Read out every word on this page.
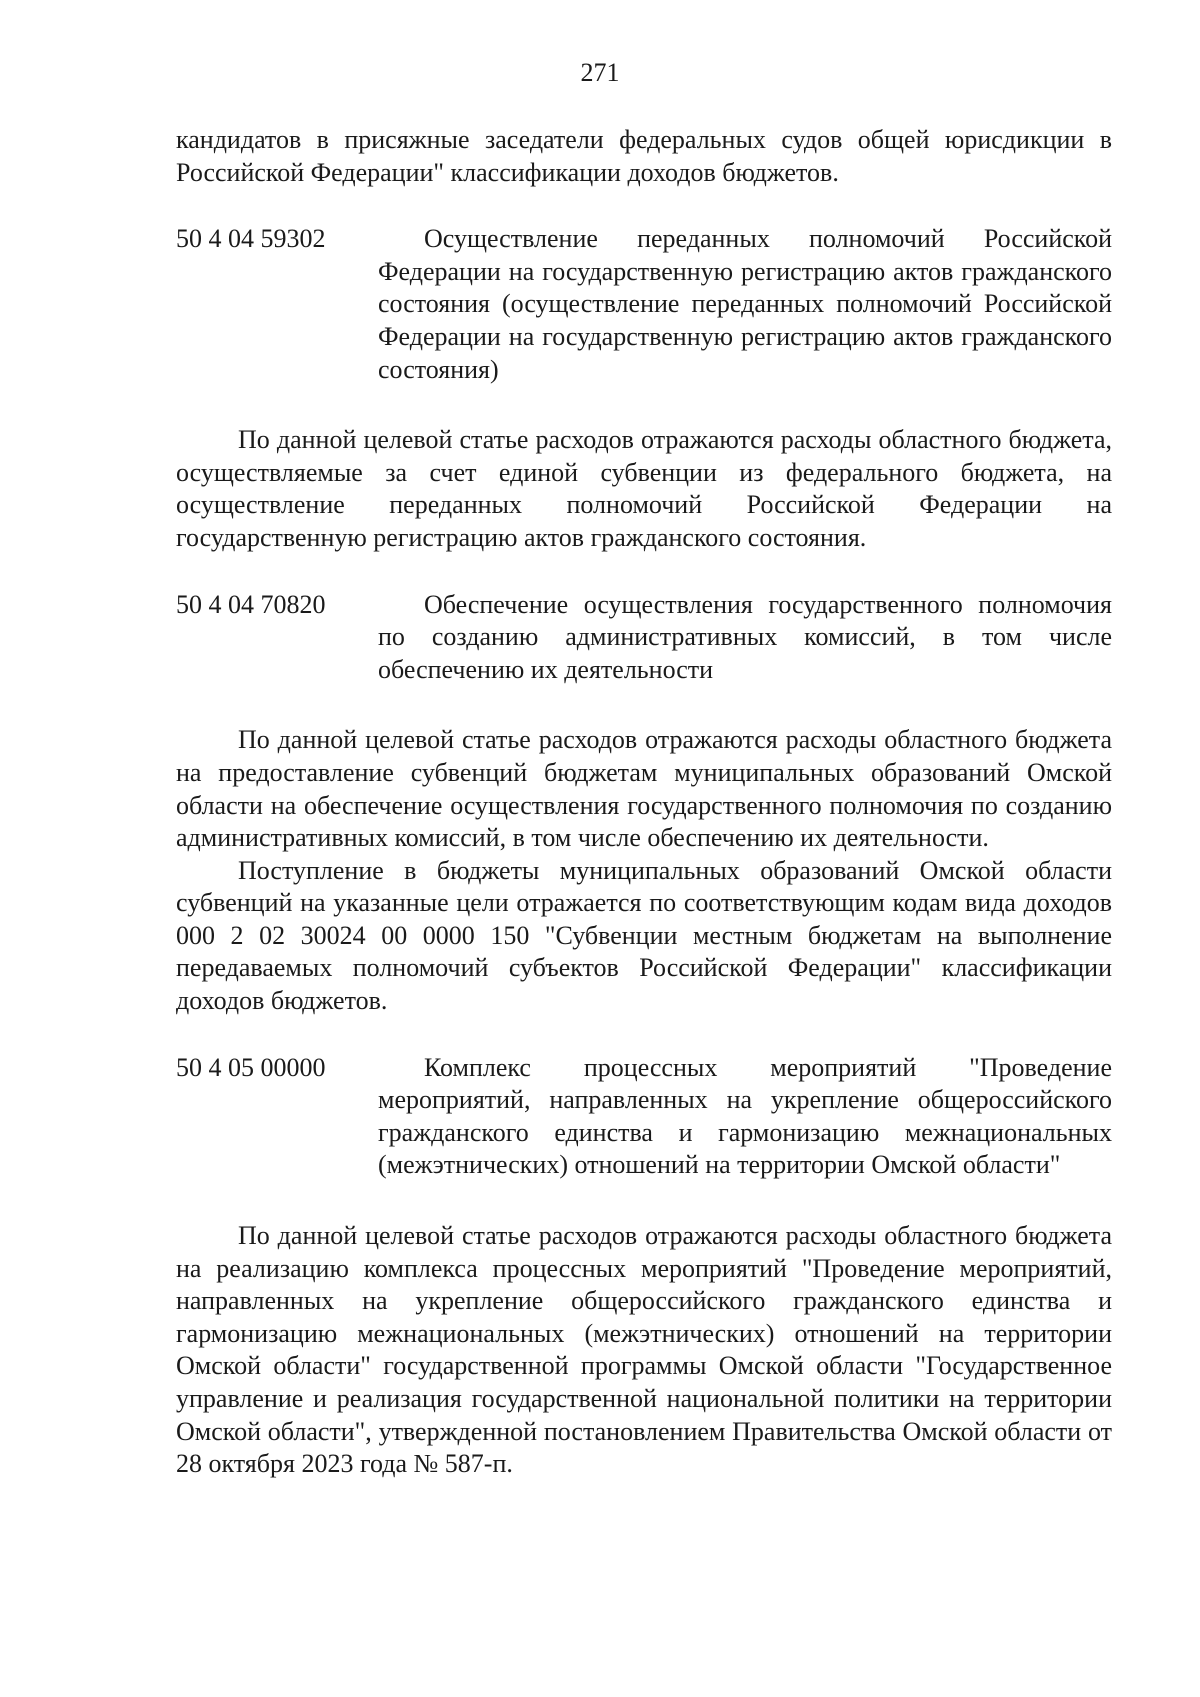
271

кандидатов в присяжные заседатели федеральных судов общей юрисдикции в Российской Федерации" классификации доходов бюджетов.

50 4 04 59302	Осуществление переданных полномочий Российской Федерации на государственную регистрацию актов гражданского состояния (осуществление переданных полномочий Российской Федерации на государственную регистрацию актов гражданского состояния)

По данной целевой статье расходов отражаются расходы областного бюджета, осуществляемые за счет единой субвенции из федерального бюджета, на осуществление переданных полномочий Российской Федерации на государственную регистрацию актов гражданского состояния.

50 4 04 70820	Обеспечение осуществления государственного полномочия по созданию административных комиссий, в том числе обеспечению их деятельности

По данной целевой статье расходов отражаются расходы областного бюджета на предоставление субвенций бюджетам муниципальных образований Омской области на обеспечение осуществления государственного полномочия по созданию административных комиссий, в том числе обеспечению их деятельности.

Поступление в бюджеты муниципальных образований Омской области субвенций на указанные цели отражается по соответствующим кодам вида доходов 000 2 02 30024 00 0000 150 "Субвенции местным бюджетам на выполнение передаваемых полномочий субъектов Российской Федерации" классификации доходов бюджетов.

50 4 05 00000	Комплекс процессных мероприятий "Проведение мероприятий, направленных на укрепление общероссийского гражданского единства и гармонизацию межнациональных (межэтнических) отношений на территории Омской области"

По данной целевой статье расходов отражаются расходы областного бюджета на реализацию комплекса процессных мероприятий "Проведение мероприятий, направленных на укрепление общероссийского гражданского единства и гармонизацию межнациональных (межэтнических) отношений на территории Омской области" государственной программы Омской области "Государственное управление и реализация государственной национальной политики на территории Омской области", утвержденной постановлением Правительства Омской области от 28 октября 2023 года № 587-п.
